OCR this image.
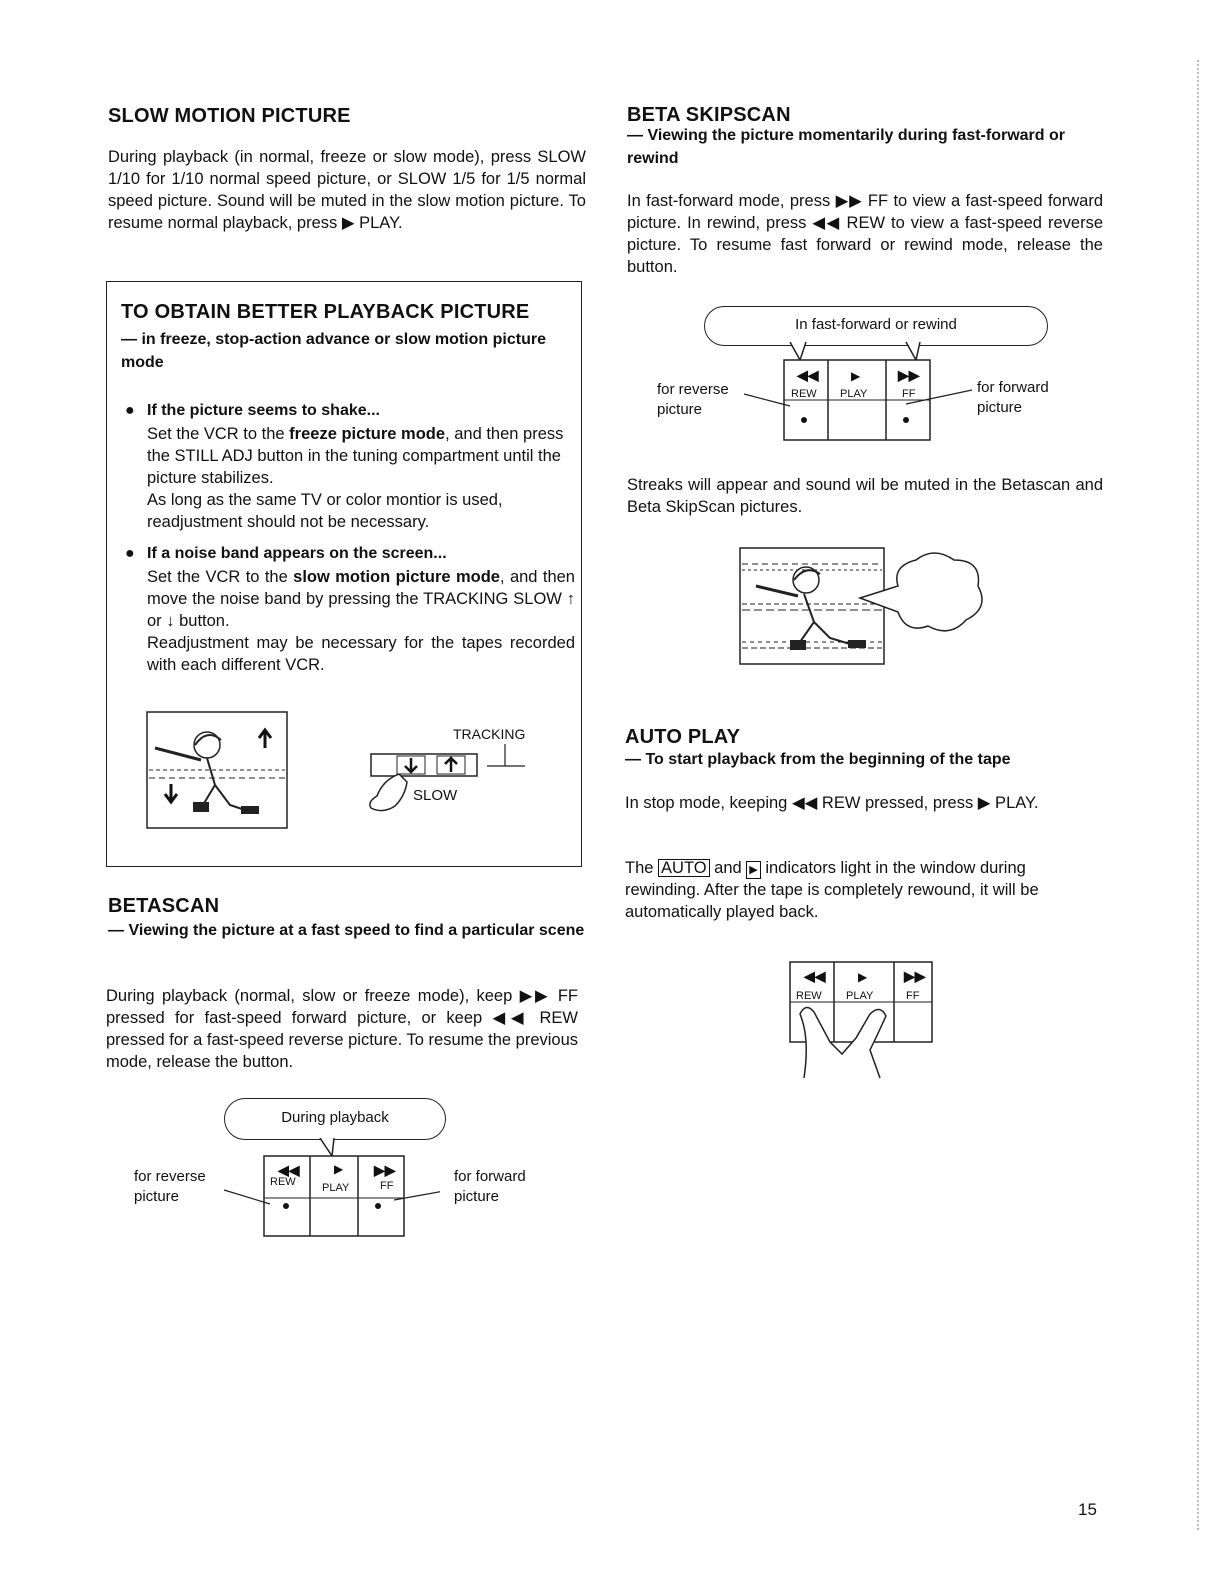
SLOW MOTION PICTURE
During playback (in normal, freeze or slow mode), press SLOW 1/10 for 1/10 normal speed picture, or SLOW 1/5 for 1/5 normal speed picture. Sound will be muted in the slow motion picture. To resume normal playback, press ▶ PLAY.
TO OBTAIN BETTER PLAYBACK PICTURE
— in freeze, stop-action advance or slow motion picture mode
● If the picture seems to shake...

Set the VCR to the freeze picture mode, and then press the STILL ADJ button in the tuning compartment until the picture stabilizes.

As long as the same TV or color montior is used, readjustment should not be necessary.

● If a noise band appears on the screen...

Set the VCR to the slow motion picture mode, and then move the noise band by pressing the TRACKING SLOW ↑ or ↓ button.

Readjustment may be necessary for the tapes recorded with each different VCR.

TRACKING
SLOW
BETASCAN
— Viewing the picture at a fast speed to find a particular scene
During playback (normal, slow or freeze mode), keep ▶▶ FF pressed for fast-speed forward picture, or keep ◀◀ REW pressed for a fast-speed reverse picture. To resume the previous mode, release the button.
During playback
◀◀
REW
▶
PLAY
▶▶
FF
for reverse
picture
for forward
picture
BETA SKIPSCAN
— Viewing the picture momentarily during fast-forward or rewind
In fast-forward mode, press ▶▶ FF to view a fast-speed forward picture. In rewind, press ◀◀ REW to view a fast-speed reverse picture. To resume fast forward or rewind mode, release the button.
In fast-forward or rewind
◀◀
REW
▶
PLAY
▶▶
FF
for reverse
picture
for forward
picture
Streaks will appear and sound wil be muted in the Betascan and Beta SkipScan pictures.
AUTO PLAY
— To start playback from the beginning of the tape
In stop mode, keeping ◀◀ REW pressed, press ▶ PLAY.
The AUTO and ▶ indicators light in the window during rewinding. After the tape is completely rewound, it will be automatically played back.
◀◀
REW
▶
PLAY
▶▶
FF
15
